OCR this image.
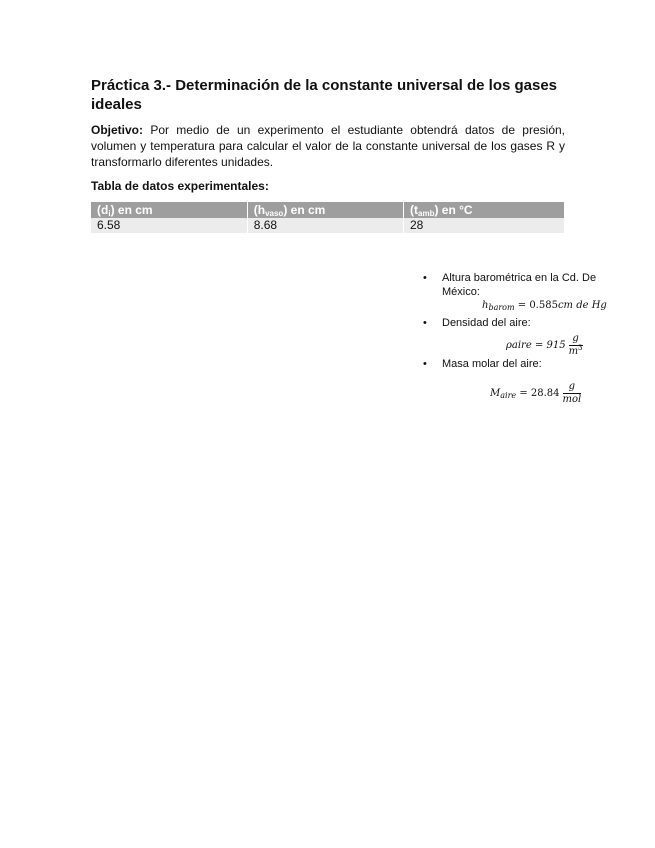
Práctica 3.- Determinación de la constante universal de los gases ideales
Objetivo: Por medio de un experimento el estudiante obtendrá datos de presión, volumen y temperatura para calcular el valor de la constante universal de los gases R y transformarlo diferentes unidades.
Tabla de datos experimentales:
$(d_i)$ en cm	$(h_{vaso})$ en cm	$(t_{amb})$ en °C
6.58	8.68	28
• Altura barométrica en la Cd. De México:
• Densidad del aire:
• Masa molar del aire:
$h_{barom} = 0.585cm$ de Hg
ρaire = $915 \frac{g}{m^3}$
$M_{aire} = 28.84 \frac{g}{\text{mol}}$
